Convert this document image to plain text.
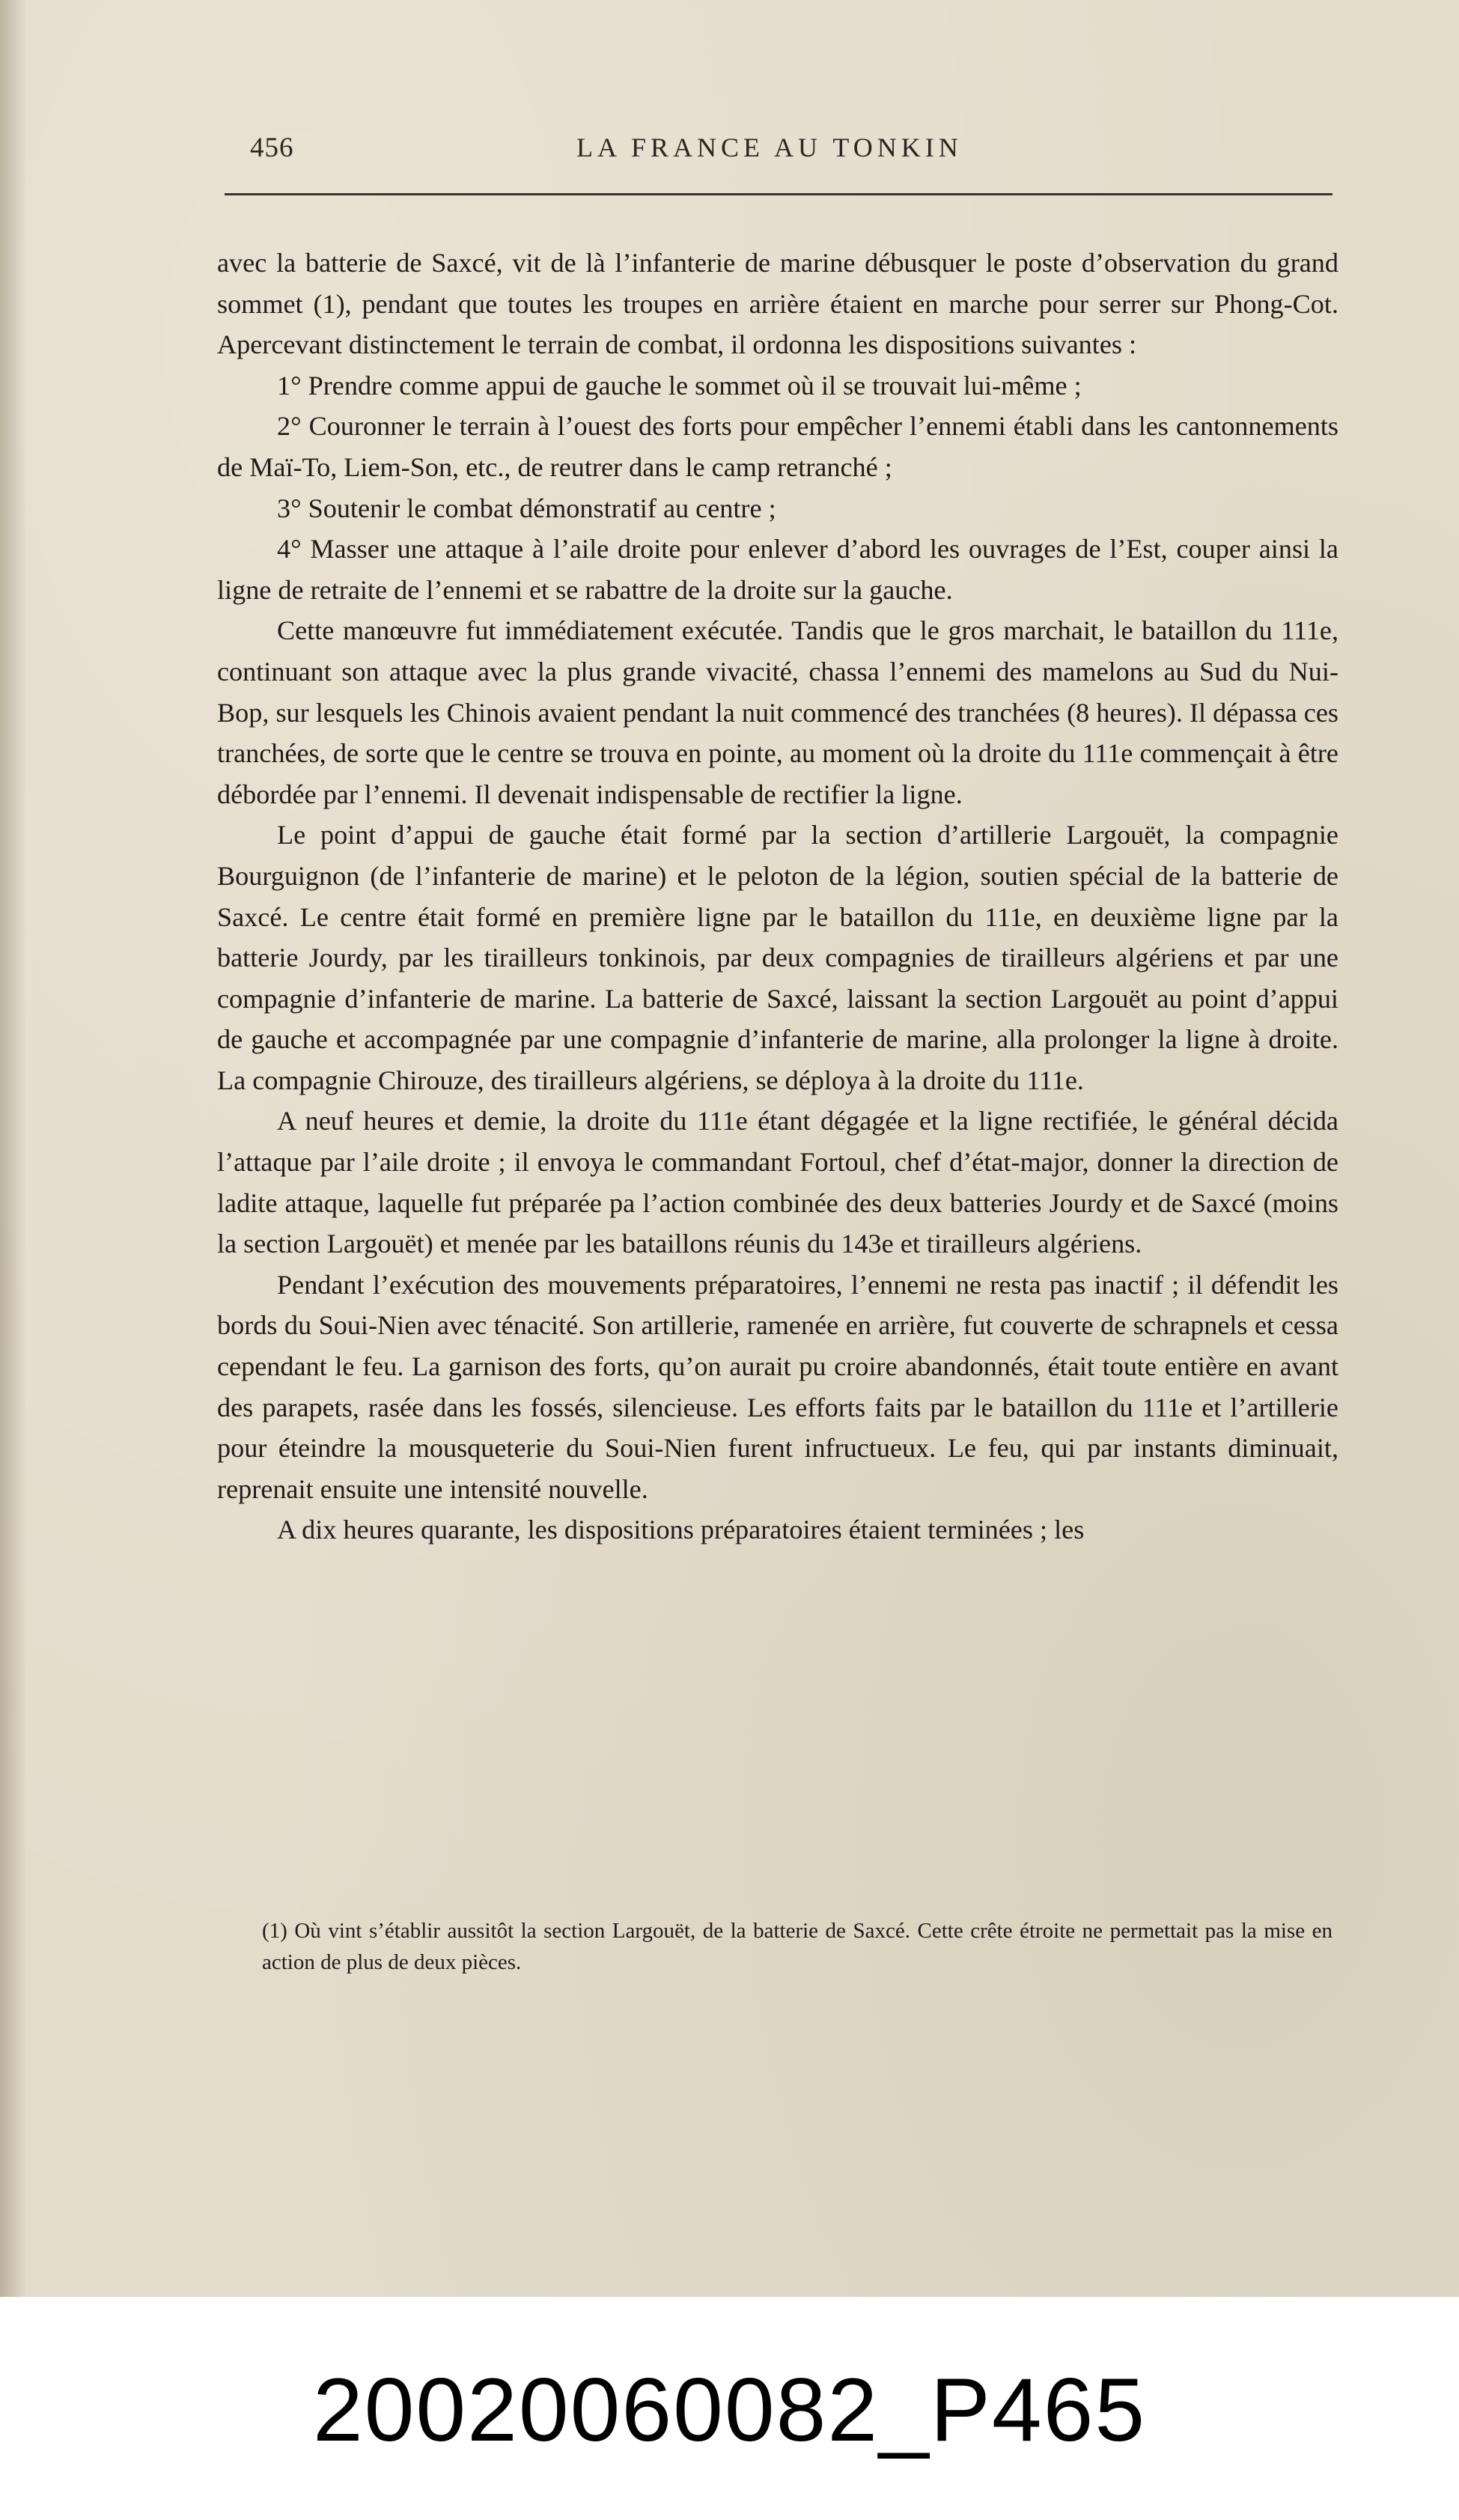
456	LA FRANCE AU TONKIN

avec la batterie de Saxcé, vit de là l’infanterie de marine débusquer le poste d’observation du grand sommet (1), pendant que toutes les troupes en arrière étaient en marche pour serrer sur Phong-Cot. Apercevant distinctement le terrain de combat, il ordonna les dispositions suivantes :

1° Prendre comme appui de gauche le sommet où il se trouvait lui-même ;

2° Couronner le terrain à l’ouest des forts pour empêcher l’ennemi établi dans les cantonnements de Maï-To, Liem-Son, etc., de reutrer dans le camp retranché ;

3° Soutenir le combat démonstratif au centre ;

4° Masser une attaque à l’aile droite pour enlever d’abord les ouvrages de l’Est, couper ainsi la ligne de retraite de l’ennemi et se rabattre de la droite sur la gauche.

Cette manœuvre fut immédiatement exécutée. Tandis que le gros marchait, le bataillon du 111e, continuant son attaque avec la plus grande vivacité, chassa l’ennemi des mamelons au Sud du Nui-Bop, sur lesquels les Chinois avaient pendant la nuit commencé des tranchées (8 heures). Il dépassa ces tranchées, de sorte que le centre se trouva en pointe, au moment où la droite du 111e commençait à être débordée par l’ennemi. Il devenait indispensable de rectifier la ligne.

Le point d’appui de gauche était formé par la section d’artillerie Largouët, la compagnie Bourguignon (de l’infanterie de marine) et le peloton de la légion, soutien spécial de la batterie de Saxcé. Le centre était formé en première ligne par le bataillon du 111e, en deuxième ligne par la batterie Jourdy, par les tirailleurs tonkinois, par deux compagnies de tirailleurs algériens et par une compagnie d’infanterie de marine. La batterie de Saxcé, laissant la section Largouët au point d’appui de gauche et accompagnée par une compagnie d’infanterie de marine, alla prolonger la ligne à droite. La compagnie Chirouze, des tirailleurs algériens, se déploya à la droite du 111e.

A neuf heures et demie, la droite du 111e étant dégagée et la ligne rectifiée, le général décida l’attaque par l’aile droite ; il envoya le commandant Fortoul, chef d’état-major, donner la direction de ladite attaque, laquelle fut préparée pa l’action combinée des deux batteries Jourdy et de Saxcé (moins la section Largouët) et menée par les bataillons réunis du 143e et tirailleurs algériens.

Pendant l’exécution des mouvements préparatoires, l’ennemi ne resta pas inactif ; il défendit les bords du Soui-Nien avec ténacité. Son artillerie, ramenée en arrière, fut couverte de schrapnels et cessa cependant le feu. La garnison des forts, qu’on aurait pu croire abandonnés, était toute entière en avant des parapets, rasée dans les fossés, silencieuse. Les efforts faits par le bataillon du 111e et l’artillerie pour éteindre la mousqueterie du Soui-Nien furent infructueux. Le feu, qui par instants diminuait, reprenait ensuite une intensité nouvelle.

A dix heures quarante, les dispositions préparatoires étaient terminées ; les

(1) Où vint s’établir aussitôt la section Largouët, de la batterie de Saxcé. Cette crête étroite ne permettait pas la mise en action de plus de deux pièces.

20020060082_P465
